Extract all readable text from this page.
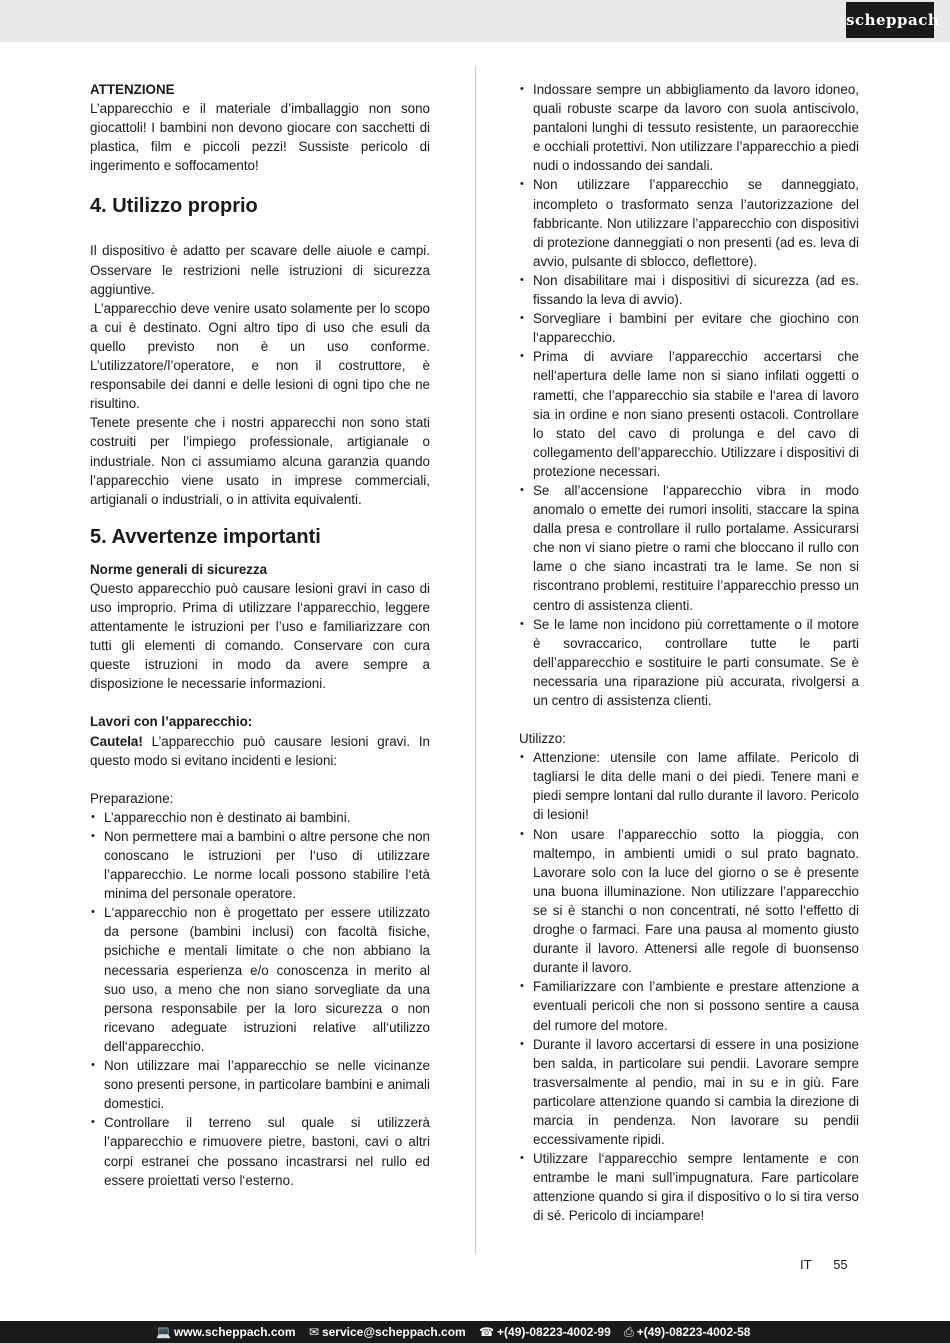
scheppach

ATTENZIONE

L’apparecchio e il materiale d’imballaggio non sono giocattoli! I bambini non devono giocare con sacchetti di plastica, film e piccoli pezzi! Sussiste pericolo di ingerimento e soffocamento!

4. Utilizzo proprio

Il dispositivo è adatto per scavare delle aiuole e campi. Osservare le restrizioni nelle istruzioni di sicurezza aggiuntive.

L’apparecchio deve venire usato solamente per lo scopo a cui è destinato. Ogni altro tipo di uso che esuli da quello previsto non è un uso conforme. L’utilizzatore/l’operatore, e non il costruttore, è responsabile dei danni e delle lesioni di ogni tipo che ne risultino.

Tenete presente che i nostri apparecchi non sono stati costruiti per l’impiego professionale, artigianale o industriale. Non ci assumiamo alcuna garanzia quando l’apparecchio viene usato in imprese commerciali, artigianali o industriali, o in attivita equivalenti.

5. Avvertenze importanti

Norme generali di sicurezza

Questo apparecchio può causare lesioni gravi in caso di uso improprio. Prima di utilizzare l‘apparecchio, leggere attentamente le istruzioni per l’uso e familiarizzare con tutti gli elementi di comando. Conservare con cura queste istruzioni in modo da avere sempre a disposizione le necessarie informazioni.

Lavori con l’apparecchio:

Cautela! L’apparecchio può causare lesioni gravi. In questo modo si evitano incidenti e lesioni:

Preparazione:

• L’apparecchio non è destinato ai bambini.
• Non permettere mai a bambini o altre persone che non conoscano le istruzioni per l‘uso di utilizzare l’apparecchio. Le norme locali possono stabilire l‘età minima del personale operatore.
• L‘apparecchio non è progettato per essere utilizzato da persone (bambini inclusi) con facoltà fisiche, psichiche e mentali limitate o che non abbiano la necessaria esperienza e/o conoscenza in merito al suo uso, a meno che non siano sorvegliate da una persona responsabile per la loro sicurezza o non ricevano adeguate istruzioni relative all‘utilizzo dell‘apparecchio.
• Non utilizzare mai l’apparecchio se nelle vicinanze sono presenti persone, in particolare bambini e animali domestici.
• Controllare il terreno sul quale si utilizzerà l’apparecchio e rimuovere pietre, bastoni, cavi o altri corpi estranei che possano incastrarsi nel rullo ed essere proiettati verso l‘esterno.
• Indossare sempre un abbigliamento da lavoro idoneo, quali robuste scarpe da lavoro con suola antiscivolo, pantaloni lunghi di tessuto resistente, un paraorecchie e occhiali protettivi. Non utilizzare l’apparecchio a piedi nudi o indossando dei sandali.
• Non utilizzare l’apparecchio se danneggiato, incompleto o trasformato senza l’autorizzazione del fabbricante. Non utilizzare l’apparecchio con dispositivi di protezione danneggiati o non presenti (ad es. leva di avvio, pulsante di sblocco, deflettore).
• Non disabilitare mai i dispositivi di sicurezza (ad es. fissando la leva di avvio).
• Sorvegliare i bambini per evitare che giochino con l‘apparecchio.
• Prima di avviare l’apparecchio accertarsi che nell‘apertura delle lame non si siano infilati oggetti o rametti, che l’apparecchio sia stabile e l‘area di lavoro sia in ordine e non siano presenti ostacoli. Controllare lo stato del cavo di prolunga e del cavo di collegamento dell’apparecchio. Utilizzare i dispositivi di protezione necessari.
• Se all’accensione l‘apparecchio vibra in modo anomalo o emette dei rumori insoliti, staccare la spina dalla presa e controllare il rullo portalame. Assicurarsi che non vi siano pietre o rami che bloccano il rullo con lame o che siano incastrati tra le lame. Se non si riscontrano problemi, restituire l’apparecchio presso un centro di assistenza clienti.
• Se le lame non incidono più correttamente o il motore è sovraccarico, controllare tutte le parti dell’apparecchio e sostituire le parti consumate. Se è necessaria una riparazione più accurata, rivolgersi a un centro di assistenza clienti.

Utilizzo:

• Attenzione: utensile con lame affilate. Pericolo di tagliarsi le dita delle mani o dei piedi. Tenere mani e piedi sempre lontani dal rullo durante il lavoro. Pericolo di lesioni!
• Non usare l’apparecchio sotto la pioggia, con maltempo, in ambienti umidi o sul prato bagnato. Lavorare solo con la luce del giorno o se è presente una buona illuminazione. Non utilizzare l’apparecchio se si è stanchi o non concentrati, né sotto l‘effetto di droghe o farmaci. Fare una pausa al momento giusto durante il lavoro. Attenersi alle regole di buonsenso durante il lavoro.
• Familiarizzare con l’ambiente e prestare attenzione a eventuali pericoli che non si possono sentire a causa del rumore del motore.
• Durante il lavoro accertarsi di essere in una posizione ben salda, in particolare sui pendii. Lavorare sempre trasversalmente al pendio, mai in su e in giù. Fare particolare attenzione quando si cambia la direzione di marcia in pendenza. Non lavorare su pendii eccessivamente ripidi.
• Utilizzare l‘apparecchio sempre lentamente e con entrambe le mani sull’impugnatura. Fare particolare attenzione quando si gira il dispositivo o lo si tira verso di sé. Pericolo di inciampare!
IT 55
💻 www.scheppach.com ✉ service@scheppach.com ☎ +(49)-08223-4002-99 ⎙ +(49)-08223-4002-58
